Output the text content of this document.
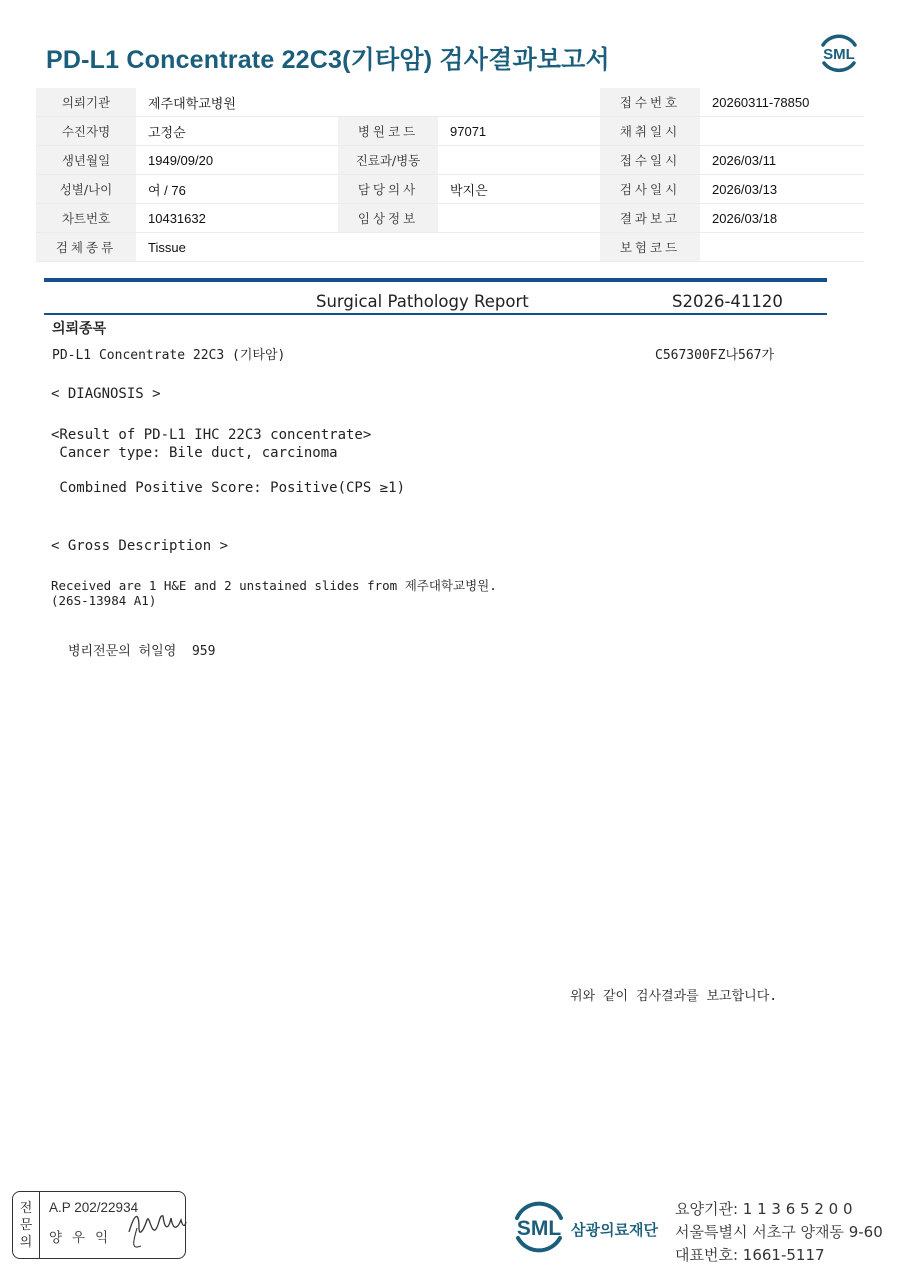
PD-L1 Concentrate 22C3(기타암) 검사결과보고서	SML
의뢰기관	제주대학교병원			접수번호	20260311-78850
수진자명	고정순	병원코드	97071	채취일시	
생년월일	1949/09/20	진료과/병동		접수일시	2026/03/11
성별/나이	여 / 76	담당의사	박지은	검사일시	2026/03/13
차트번호	10431632	임상정보		결과보고	2026/03/18
검체종류	Tissue			보험코드	
Surgical Pathology Report	S2026-41120
의뢰종목
PD-L1 Concentrate 22C3 (기타암)	C567300FZ나567가
< DIAGNOSIS >
<Result of PD-L1 IHC 22C3 concentrate>
Cancer type: Bile duct, carcinoma
Combined Positive Score: Positive(CPS ≥1)
< Gross Description >
Received are 1 H&E and 2 unstained slides from 제주대학교병원.
(26S-13984 A1)
병리전문의 허일영  959
위와 같이 검사결과를 보고합니다.
전
문
의
A.P 202/22934
양우익	SML 삼광의료재단
요양기관: 1 1 3 6 5 2 0 0
서울특별시 서초구 양재동 9-60
대표번호: 1661-5117
